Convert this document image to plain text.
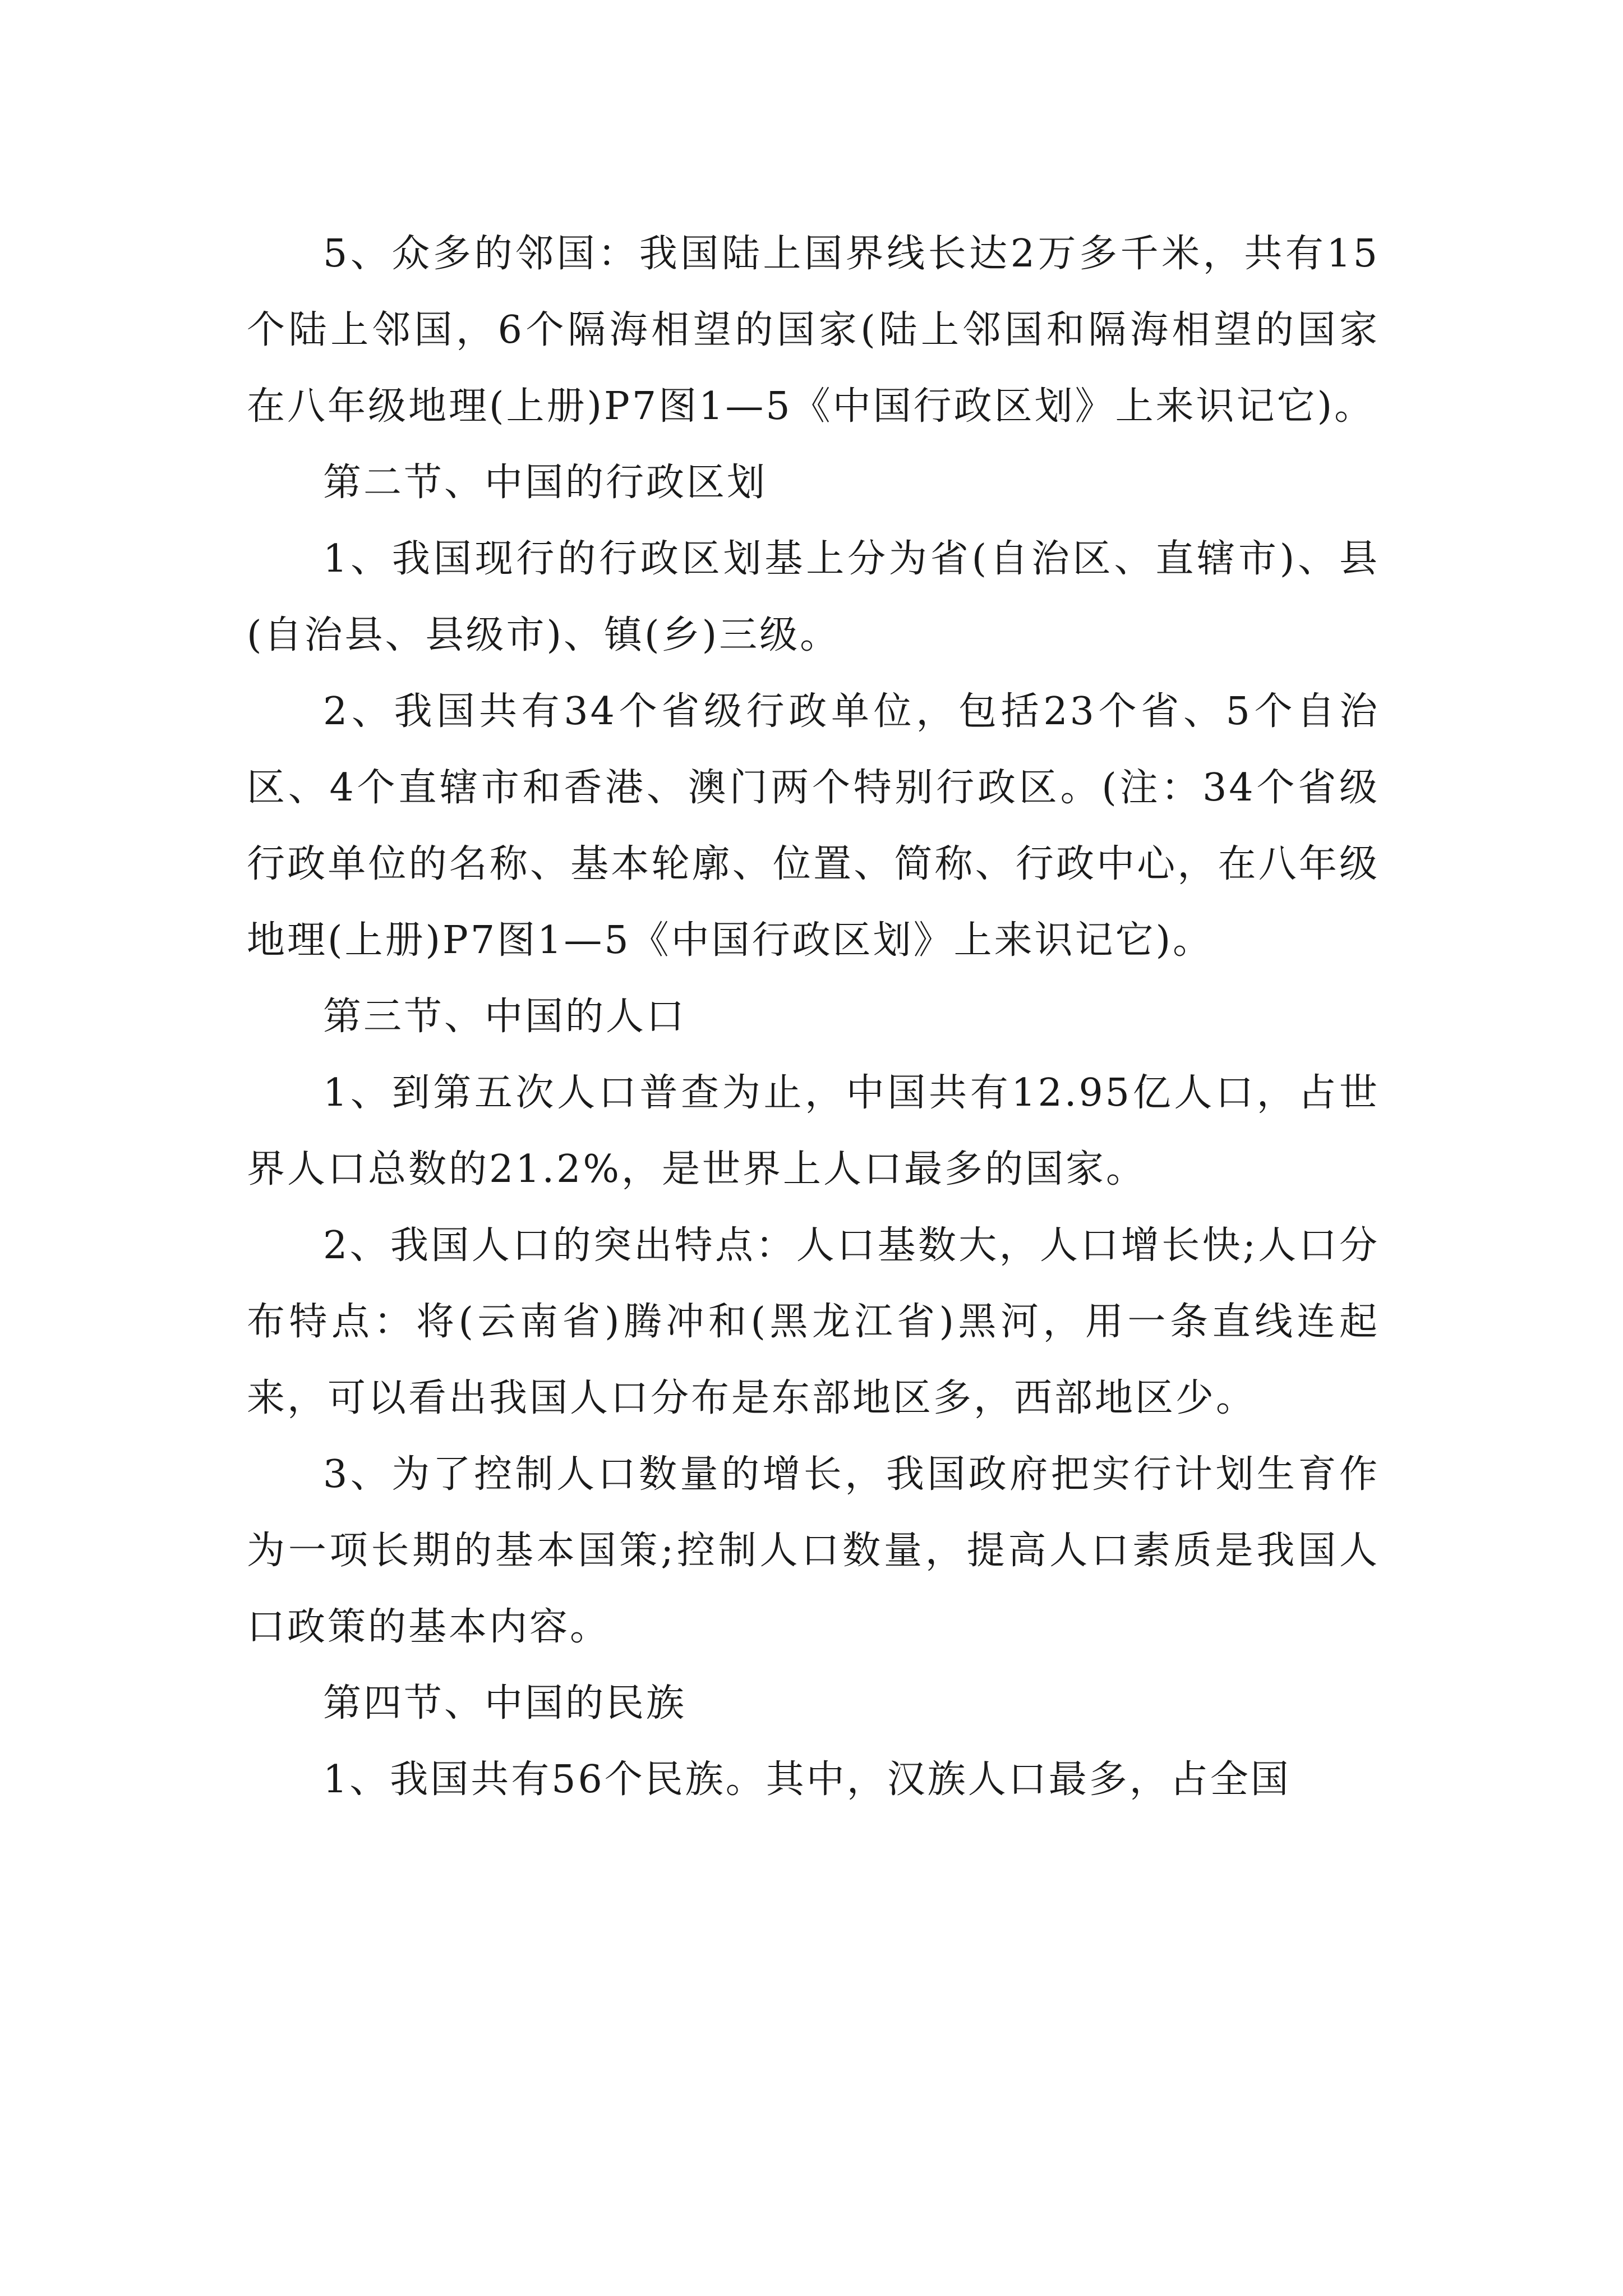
5、众多的邻国：我国陆上国界线长达2万多千米，共有15个陆上邻国，6个隔海相望的国家(陆上邻国和隔海相望的国家在八年级地理(上册)P7图1—5《中国行政区划》上来识记它)。

第二节、中国的行政区划

1、我国现行的行政区划基上分为省(自治区、直辖市)、县(自治县、县级市)、镇(乡)三级。

2、我国共有34个省级行政单位，包括23个省、5个自治区、4个直辖市和香港、澳门两个特别行政区。(注：34个省级行政单位的名称、基本轮廓、位置、简称、行政中心，在八年级地理(上册)P7图1—5《中国行政区划》上来识记它)。

第三节、中国的人口

1、到第五次人口普查为止，中国共有12.95亿人口，占世界人口总数的21.2%，是世界上人口最多的国家。

2、我国人口的突出特点：人口基数大，人口增长快;人口分布特点：将(云南省)腾冲和(黑龙江省)黑河，用一条直线连起来，可以看出我国人口分布是东部地区多，西部地区少。

3、为了控制人口数量的增长，我国政府把实行计划生育作为一项长期的基本国策;控制人口数量，提高人口素质是我国人口政策的基本内容。

第四节、中国的民族

1、我国共有56个民族。其中，汉族人口最多，占全国
